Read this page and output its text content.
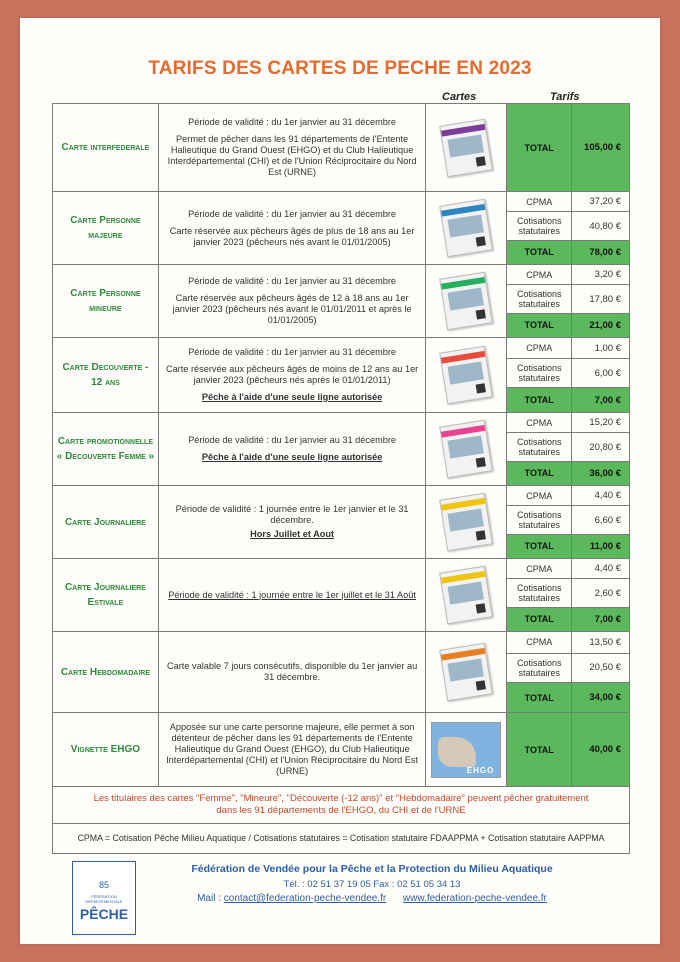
TARIFS DES CARTES DE PECHE EN 2023
Cartes	Tarifs
Carte interfederale

Période de validité : du 1er janvier au 31 décembre

Permet de pêcher dans les 91 départements de l'Entente Halieutique du Grand Ouest (EHGO) et du Club Halieutique Interdépartemental (CHI) et de l'Union Réciprocitaire du Nord Est (URNE)

TOTAL	105,00 €
Carte Personne majeure

Période de validité : du 1er janvier au 31 décembre

Carte réservée aux pêcheurs âgés de plus de 18 ans au 1er janvier 2023 (pêcheurs nés avant le 01/01/2005)

CPMA	37,20 €
Cotisations statutaires	40,80 €
TOTAL	78,00 €
Carte Personne mineure

Période de validité : du 1er janvier au 31 décembre

Carte réservée aux pêcheurs âgés de 12 à 18 ans au 1er janvier 2023 (pêcheurs nés avant le 01/01/2011 et après le 01/01/2005)

CPMA	3,20 €
Cotisations statutaires	17,80 €
TOTAL	21,00 €
Carte Decouverte - 12 ans

Période de validité : du 1er janvier au 31 décembre

Carte réservée aux pêcheurs âgés de moins de 12 ans au 1er janvier 2023 (pêcheurs nés après le 01/01/2011)

Pêche à l'aide d'une seule ligne autorisée

CPMA	1,00 €
Cotisations statutaires	6,00 €
TOTAL	7,00 €
Carte promotionnelle « Decouverte Femme »

Période de validité : du 1er janvier au 31 décembre

Pêche à l'aide d'une seule ligne autorisée

CPMA	15,20 €
Cotisations statutaires	20,80 €
TOTAL	36,00 €
Carte Journaliere

Période de validité : 1 journée entre le 1er janvier et le 31 décembre.

Hors Juillet et Aout

CPMA	4,40 €
Cotisations statutaires	6,60 €
TOTAL	11,00 €
Carte Journaliere Estivale

Période de validité : 1 journée entre le 1er juillet et le 31 Août

CPMA	4,40 €
Cotisations statutaires	2,60 €
TOTAL	7,00 €
Carte Hebdomadaire

Carte valable 7 jours consécutifs, disponible du 1er janvier au 31 décembre.

CPMA	13,50 €
Cotisations statutaires	20,50 €
TOTAL	34,00 €
Vignette EHGO

Apposée sur une carte personne majeure, elle permet à son détenteur de pêcher dans les 91 départements de l'Entente Halieutique du Grand Ouest (EHGO), du Club Halieutique Interdépartemental (CHI) et l'Union Réciprocitaire du Nord Est (URNE)	EHGO
TOTAL	40,00 €
Les titulaires des cartes "Femme", "Mineure", "Découverte (-12 ans)" et "Hebdomadaire" peuvent pêcher gratuitement dans les 91 départements de l'EHGO, du CHI et de l'URNE
CPMA = Cotisation Pêche Milieu Aquatique / Cotisations statutaires = Cotisation statutaire FDAAPPMA + Cotisation statutaire AAPPMA
85
FÉDÉRATION DÉPARTEMENTALE
PÊCHE
Fédération de Vendée pour la Pêche et la Protection du Milieu Aquatique
Tél. : 02 51 37 19 05 Fax : 02 51 05 34 13
Mail : contact@federation-peche-vendee.fr www.federation-peche-vendee.fr
